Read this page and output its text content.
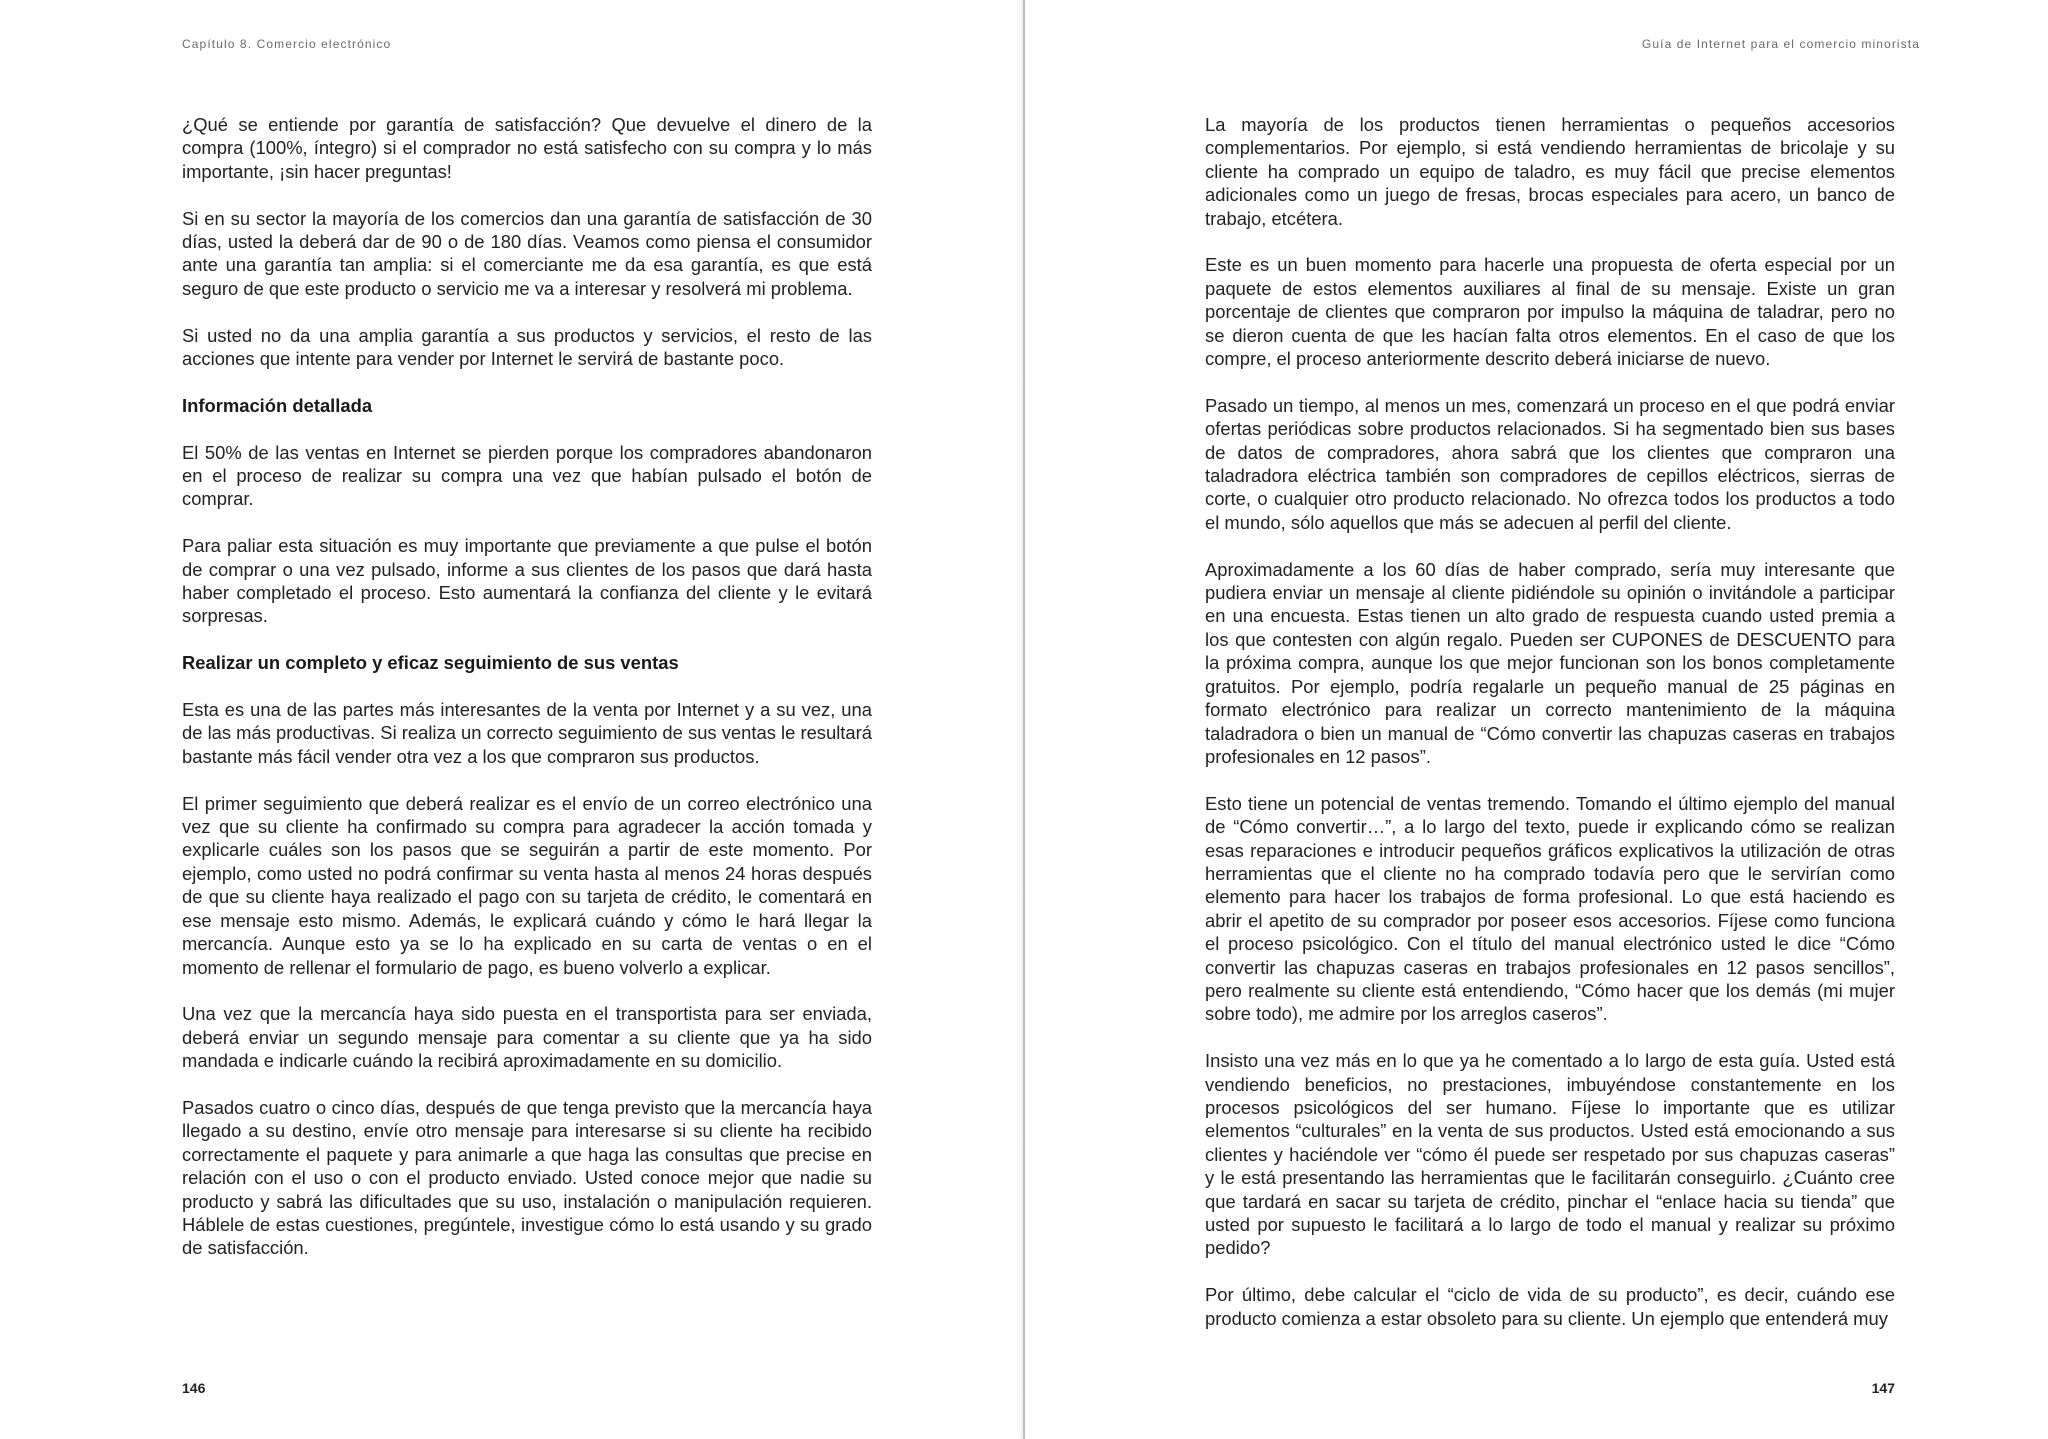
Capítulo 8. Comercio electrónico

¿Qué se entiende por garantía de satisfacción? Que devuelve el dinero de la compra (100%, íntegro) si el comprador no está satisfecho con su compra y lo más importante, ¡sin hacer preguntas!

Si en su sector la mayoría de los comercios dan una garantía de satisfacción de 30 días, usted la deberá dar de 90 o de 180 días. Veamos como piensa el consumidor ante una garantía tan amplia: si el comerciante me da esa garantía, es que está seguro de que este producto o servicio me va a interesar y resolverá mi problema.

Si usted no da una amplia garantía a sus productos y servicios, el resto de las acciones que intente para vender por Internet le servirá de bastante poco.

Información detallada

El 50% de las ventas en Internet se pierden porque los compradores abandonaron en el proceso de realizar su compra una vez que habían pulsado el botón de comprar.

Para paliar esta situación es muy importante que previamente a que pulse el botón de comprar o una vez pulsado, informe a sus clientes de los pasos que dará hasta haber completado el proceso. Esto aumentará la confianza del cliente y le evitará sorpresas.

Realizar un completo y eficaz seguimiento de sus ventas

Esta es una de las partes más interesantes de la venta por Internet y a su vez, una de las más productivas. Si realiza un correcto seguimiento de sus ventas le resultará bastante más fácil vender otra vez a los que compraron sus productos.

El primer seguimiento que deberá realizar es el envío de un correo electrónico una vez que su cliente ha confirmado su compra para agradecer la acción tomada y explicarle cuáles son los pasos que se seguirán a partir de este momento. Por ejemplo, como usted no podrá confirmar su venta hasta al menos 24 horas después de que su cliente haya realizado el pago con su tarjeta de crédito, le comentará en ese mensaje esto mismo. Además, le explicará cuándo y cómo le hará llegar la mercancía. Aunque esto ya se lo ha explicado en su carta de ventas o en el momento de rellenar el formulario de pago, es bueno volverlo a explicar.

Una vez que la mercancía haya sido puesta en el transportista para ser enviada, deberá enviar un segundo mensaje para comentar a su cliente que ya ha sido mandada e indicarle cuándo la recibirá aproximadamente en su domicilio.

Pasados cuatro o cinco días, después de que tenga previsto que la mercancía haya llegado a su destino, envíe otro mensaje para interesarse si su cliente ha recibido correctamente el paquete y para animarle a que haga las consultas que precise en relación con el uso o con el producto enviado. Usted conoce mejor que nadie su producto y sabrá las dificultades que su uso, instalación o manipulación requieren. Háblele de estas cuestiones, pregúntele, investigue cómo lo está usando y su grado de satisfacción.

146
Guía de Internet para el comercio minorista

La mayoría de los productos tienen herramientas o pequeños accesorios complementarios. Por ejemplo, si está vendiendo herramientas de bricolaje y su cliente ha comprado un equipo de taladro, es muy fácil que precise elementos adicionales como un juego de fresas, brocas especiales para acero, un banco de trabajo, etcétera.

Este es un buen momento para hacerle una propuesta de oferta especial por un paquete de estos elementos auxiliares al final de su mensaje. Existe un gran porcentaje de clientes que compraron por impulso la máquina de taladrar, pero no se dieron cuenta de que les hacían falta otros elementos. En el caso de que los compre, el proceso anteriormente descrito deberá iniciarse de nuevo.

Pasado un tiempo, al menos un mes, comenzará un proceso en el que podrá enviar ofertas periódicas sobre productos relacionados. Si ha segmentado bien sus bases de datos de compradores, ahora sabrá que los clientes que compraron una taladradora eléctrica también son compradores de cepillos eléctricos, sierras de corte, o cualquier otro producto relacionado. No ofrezca todos los productos a todo el mundo, sólo aquellos que más se adecuen al perfil del cliente.

Aproximadamente a los 60 días de haber comprado, sería muy interesante que pudiera enviar un mensaje al cliente pidiéndole su opinión o invitándole a participar en una encuesta. Estas tienen un alto grado de respuesta cuando usted premia a los que contesten con algún regalo. Pueden ser CUPONES de DESCUENTO para la próxima compra, aunque los que mejor funcionan son los bonos completamente gratuitos. Por ejemplo, podría regalarle un pequeño manual de 25 páginas en formato electrónico para realizar un correcto mantenimiento de la máquina taladradora o bien un manual de “Cómo convertir las chapuzas caseras en trabajos profesionales en 12 pasos”.

Esto tiene un potencial de ventas tremendo. Tomando el último ejemplo del manual de “Cómo convertir…”, a lo largo del texto, puede ir explicando cómo se realizan esas reparaciones e introducir pequeños gráficos explicativos la utilización de otras herramientas que el cliente no ha comprado todavía pero que le servirían como elemento para hacer los trabajos de forma profesional. Lo que está haciendo es abrir el apetito de su comprador por poseer esos accesorios. Fíjese como funciona el proceso psicológico. Con el título del manual electrónico usted le dice “Cómo convertir las chapuzas caseras en trabajos profesionales en 12 pasos sencillos”, pero realmente su cliente está entendiendo, “Cómo hacer que los demás (mi mujer sobre todo), me admire por los arreglos caseros”.

Insisto una vez más en lo que ya he comentado a lo largo de esta guía. Usted está vendiendo beneficios, no prestaciones, imbuyéndose constantemente en los procesos psicológicos del ser humano. Fíjese lo importante que es utilizar elementos “culturales” en la venta de sus productos. Usted está emocionando a sus clientes y haciéndole ver “cómo él puede ser respetado por sus chapuzas caseras” y le está presentando las herramientas que le facilitarán conseguirlo. ¿Cuánto cree que tardará en sacar su tarjeta de crédito, pinchar el “enlace hacia su tienda” que usted por supuesto le facilitará a lo largo de todo el manual y realizar su próximo pedido?

Por último, debe calcular el “ciclo de vida de su producto”, es decir, cuándo ese producto comienza a estar obsoleto para su cliente. Un ejemplo que entenderá muy

147
